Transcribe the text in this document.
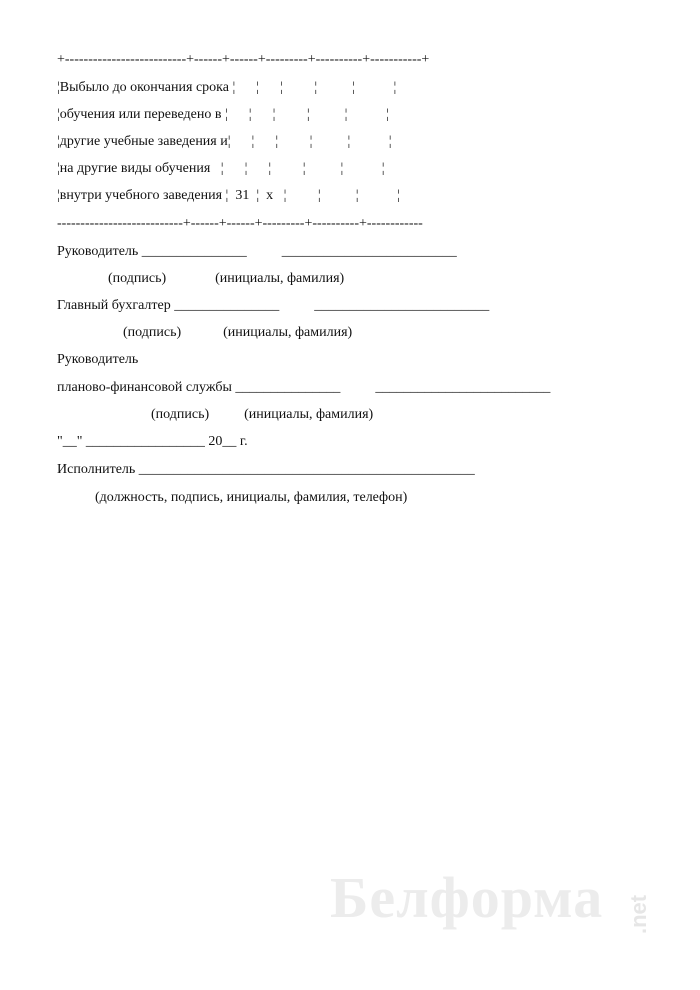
+--------------------------+------+------+---------+----------+-----------+
¦Выбыло до окончания срока ¦      ¦      ¦         ¦          ¦           ¦
¦обучения или переведено в ¦      ¦      ¦         ¦          ¦           ¦
¦другие учебные заведения и¦      ¦      ¦         ¦          ¦           ¦
¦на другие виды обучения   ¦      ¦      ¦         ¦          ¦           ¦
¦внутри учебного заведения ¦  31  ¦  x   ¦         ¦          ¦           ¦
---------------------------+------+------+---------+----------+------------
Руководитель _______________          _________________________
(подпись)              (инициалы, фамилия)
Главный бухгалтер _______________          _________________________
(подпись)            (инициалы, фамилия)
Руководитель
планово-финансовой службы _______________          _________________________
(подпись)          (инициалы, фамилия)
"__" _________________ 20__ г.
Исполнитель ________________________________________________
(должность, подпись, инициалы, фамилия, телефон)
Белформа .net
